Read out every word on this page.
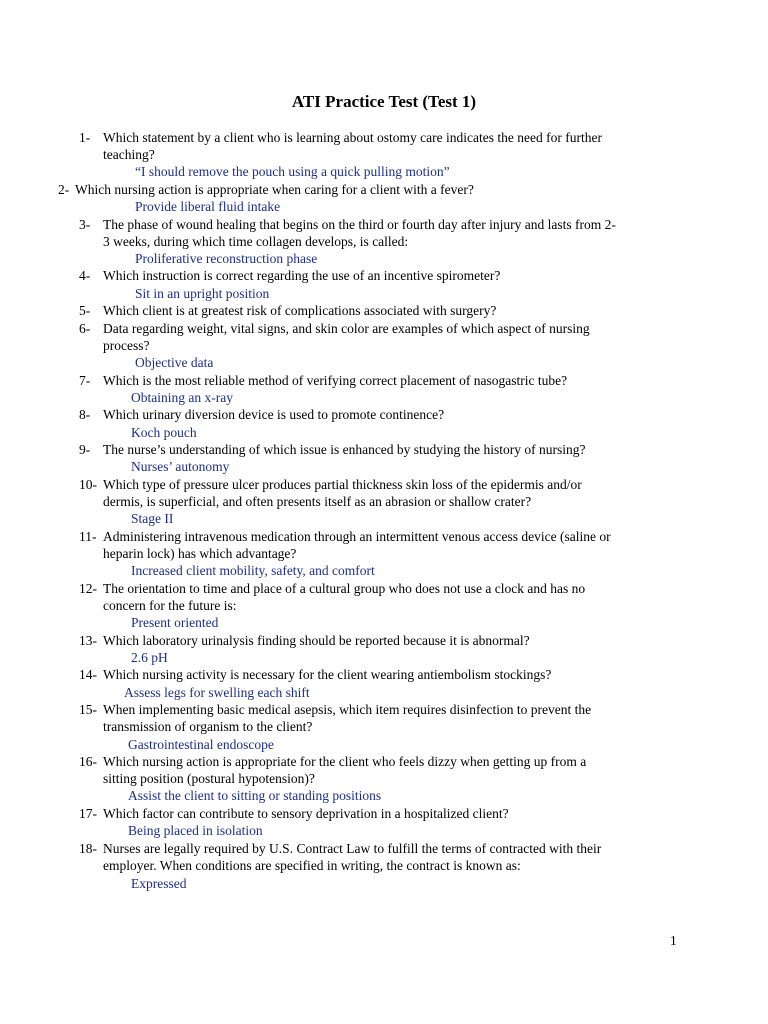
ATI Practice Test (Test 1)
1- Which statement by a client who is learning about ostomy care indicates the need for further
teaching?
“I should remove the pouch using a quick pulling motion”
2- Which nursing action is appropriate when caring for a client with a fever?
Provide liberal fluid intake
3- The phase of wound healing that begins on the third or fourth day after injury and lasts from 2-
3 weeks, during which time collagen develops, is called:
Proliferative reconstruction phase
4- Which instruction is correct regarding the use of an incentive spirometer?
Sit in an upright position
5- Which client is at greatest risk of complications associated with surgery?
6- Data regarding weight, vital signs, and skin color are examples of which aspect of nursing
process?
Objective data
7- Which is the most reliable method of verifying correct placement of nasogastric tube?
Obtaining an x-ray
8- Which urinary diversion device is used to promote continence?
Koch pouch
9- The nurse’s understanding of which issue is enhanced by studying the history of nursing?
Nurses’ autonomy
10- Which type of pressure ulcer produces partial thickness skin loss of the epidermis and/or
dermis, is superficial, and often presents itself as an abrasion or shallow crater?
Stage II
11- Administering intravenous medication through an intermittent venous access device (saline or
heparin lock) has which advantage?
Increased client mobility, safety, and comfort
12- The orientation to time and place of a cultural group who does not use a clock and has no
concern for the future is:
Present oriented
13- Which laboratory urinalysis finding should be reported because it is abnormal?
2.6 pH
14- Which nursing activity is necessary for the client wearing antiembolism stockings?
Assess legs for swelling each shift
15- When implementing basic medical asepsis, which item requires disinfection to prevent the
transmission of organism to the client?
Gastrointestinal endoscope
16- Which nursing action is appropriate for the client who feels dizzy when getting up from a
sitting position (postural hypotension)?
Assist the client to sitting or standing positions
17- Which factor can contribute to sensory deprivation in a hospitalized client?
Being placed in isolation
18- Nurses are legally required by U.S. Contract Law to fulfill the terms of contracted with their
employer. When conditions are specified in writing, the contract is known as:
Expressed
1
